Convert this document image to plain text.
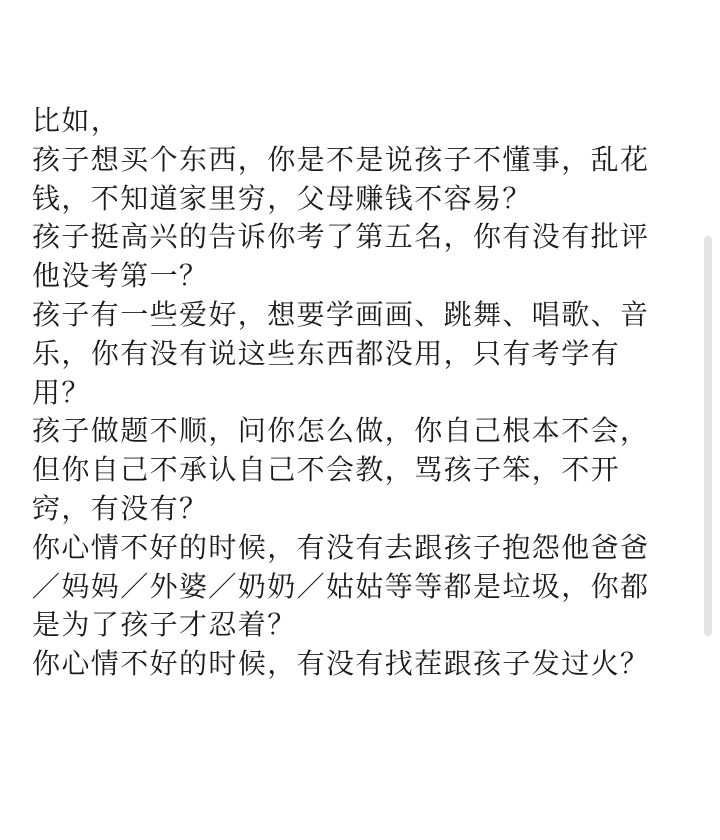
比如，
孩子想买个东西，你是不是说孩子不懂事，乱花
钱，不知道家里穷，父母赚钱不容易？
孩子挺高兴的告诉你考了第五名，你有没有批评
他没考第一？
孩子有一些爱好，想要学画画、跳舞、唱歌、音
乐，你有没有说这些东西都没用，只有考学有
用？
孩子做题不顺，问你怎么做，你自己根本不会，
但你自己不承认自己不会教，骂孩子笨，不开
窍，有没有？
你心情不好的时候，有没有去跟孩子抱怨他爸爸
／妈妈／外婆／奶奶／姑姑等等都是垃圾，你都
是为了孩子才忍着？
你心情不好的时候，有没有找茬跟孩子发过火？
